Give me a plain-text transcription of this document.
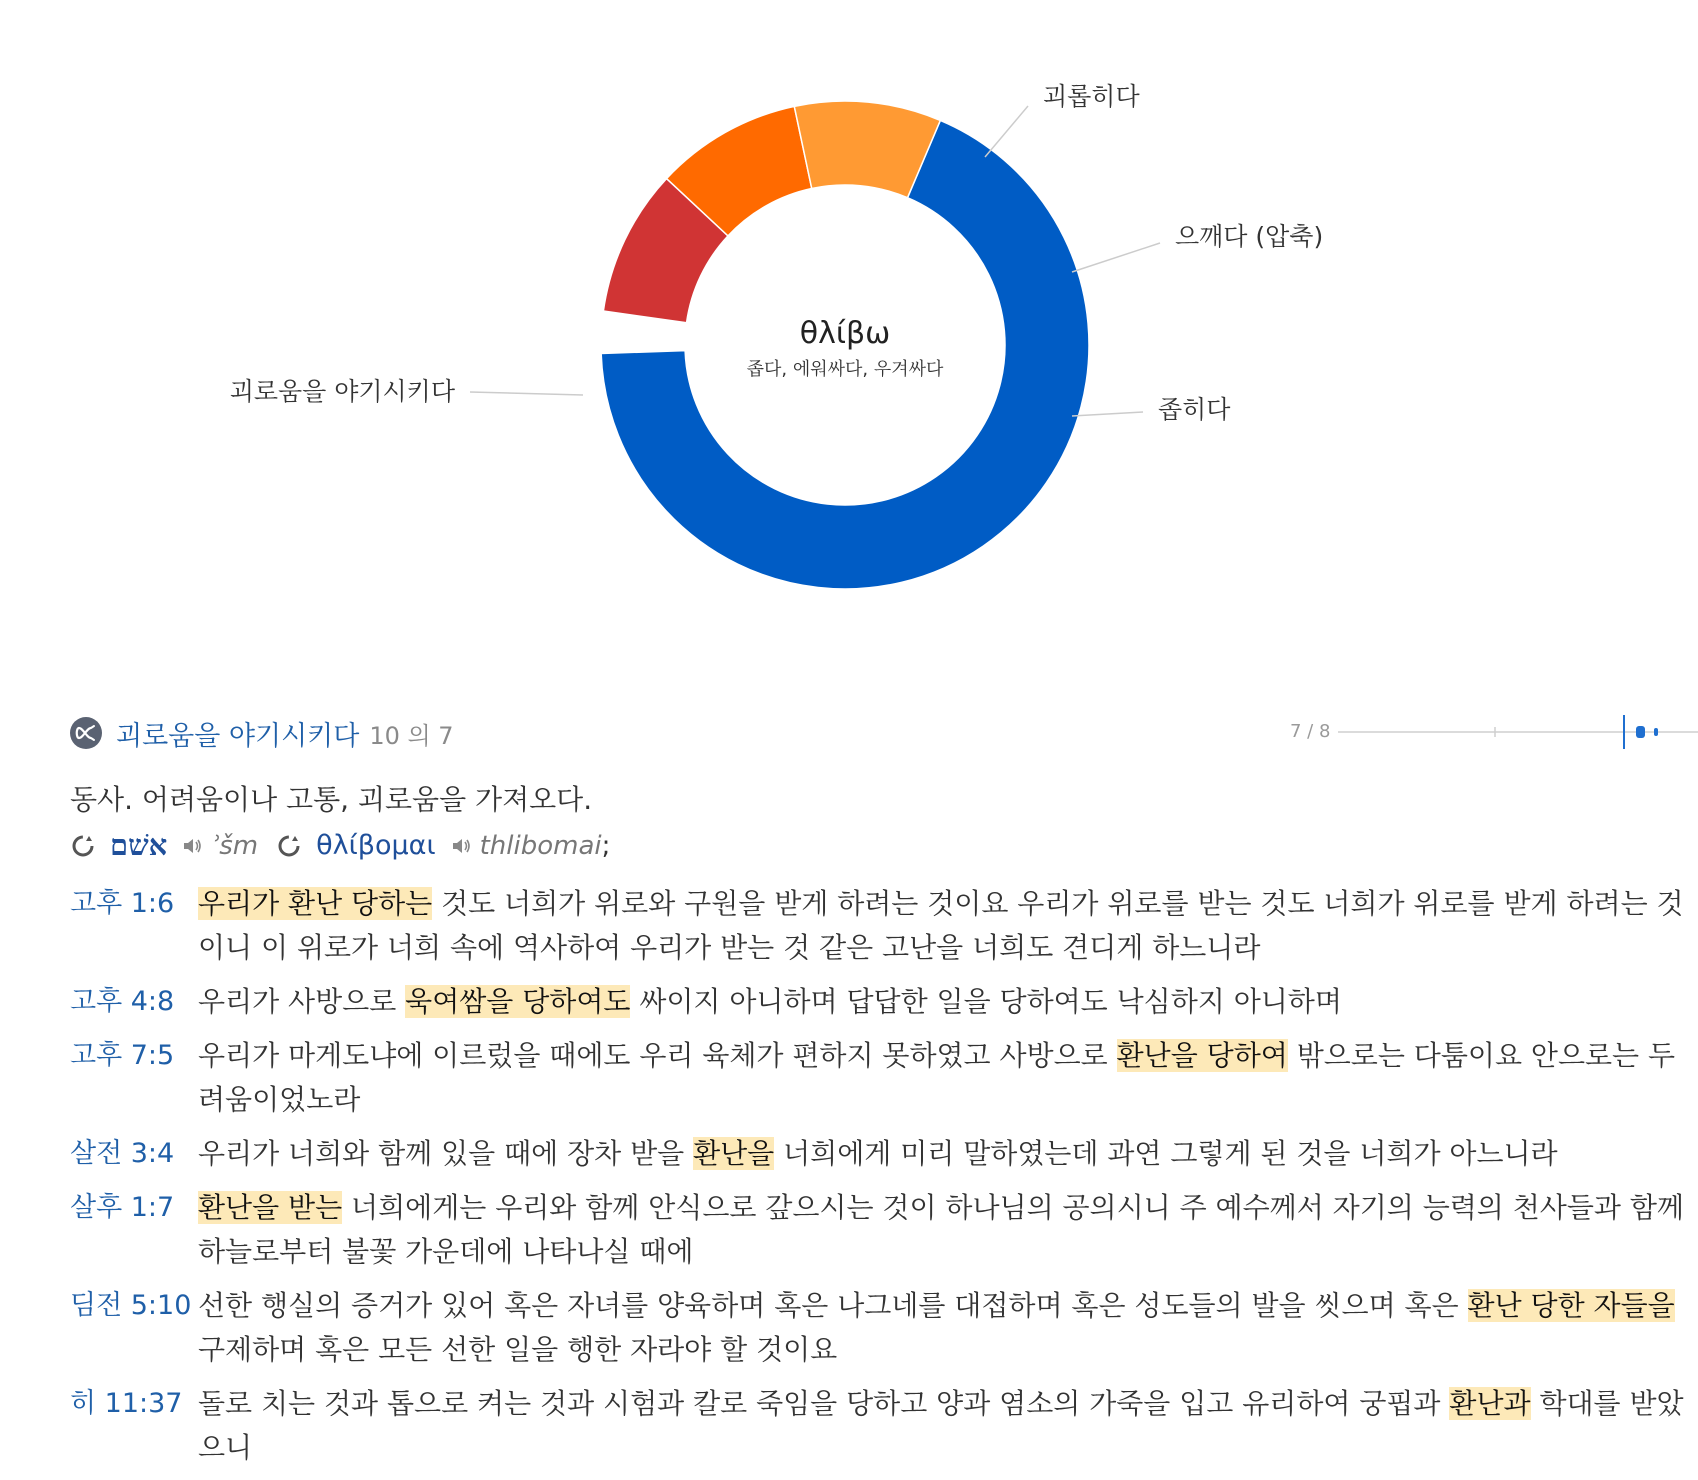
괴로움을 야기시키다
괴롭히다
으깨다 (압축)
좁히다
θλίβω
좁다, 에워싸다, 우겨싸다
괴로움을 야기시키다 10 의 7	7 / 8
동사. 어려움이나 고통, 괴로움을 가져오다.
אשׁם ʾšm θλίβομαι thlibomai ;
고후 1:6 우리가 환난 당하는 것도 너희가 위로와 구원을 받게 하려는 것이요 우리가 위로를 받는 것도 너희가 위로를 받게 하려는 것이니 이 위로가 너희 속에 역사하여 우리가 받는 것 같은 고난을 너희도 견디게 하느니라
고후 4:8 우리가 사방으로 욱여쌈을 당하여도 싸이지 아니하며 답답한 일을 당하여도 낙심하지 아니하며
고후 7:5 우리가 마게도냐에 이르렀을 때에도 우리 육체가 편하지 못하였고 사방으로 환난을 당하여 밖으로는 다툼이요 안으로는 두려움이었노라
살전 3:4 우리가 너희와 함께 있을 때에 장차 받을 환난을 너희에게 미리 말하였는데 과연 그렇게 된 것을 너희가 아느니라
살후 1:7 환난을 받는 너희에게는 우리와 함께 안식으로 갚으시는 것이 하나님의 공의시니 주 예수께서 자기의 능력의 천사들과 함께 하늘로부터 불꽃 가운데에 나타나실 때에
딤전 5:10 선한 행실의 증거가 있어 혹은 자녀를 양육하며 혹은 나그네를 대접하며 혹은 성도들의 발을 씻으며 혹은 환난 당한 자들을 구제하며 혹은 모든 선한 일을 행한 자라야 할 것이요
히 11:37 돌로 치는 것과 톱으로 켜는 것과 시험과 칼로 죽임을 당하고 양과 염소의 가죽을 입고 유리하여 궁핍과 환난과 학대를 받았으니
